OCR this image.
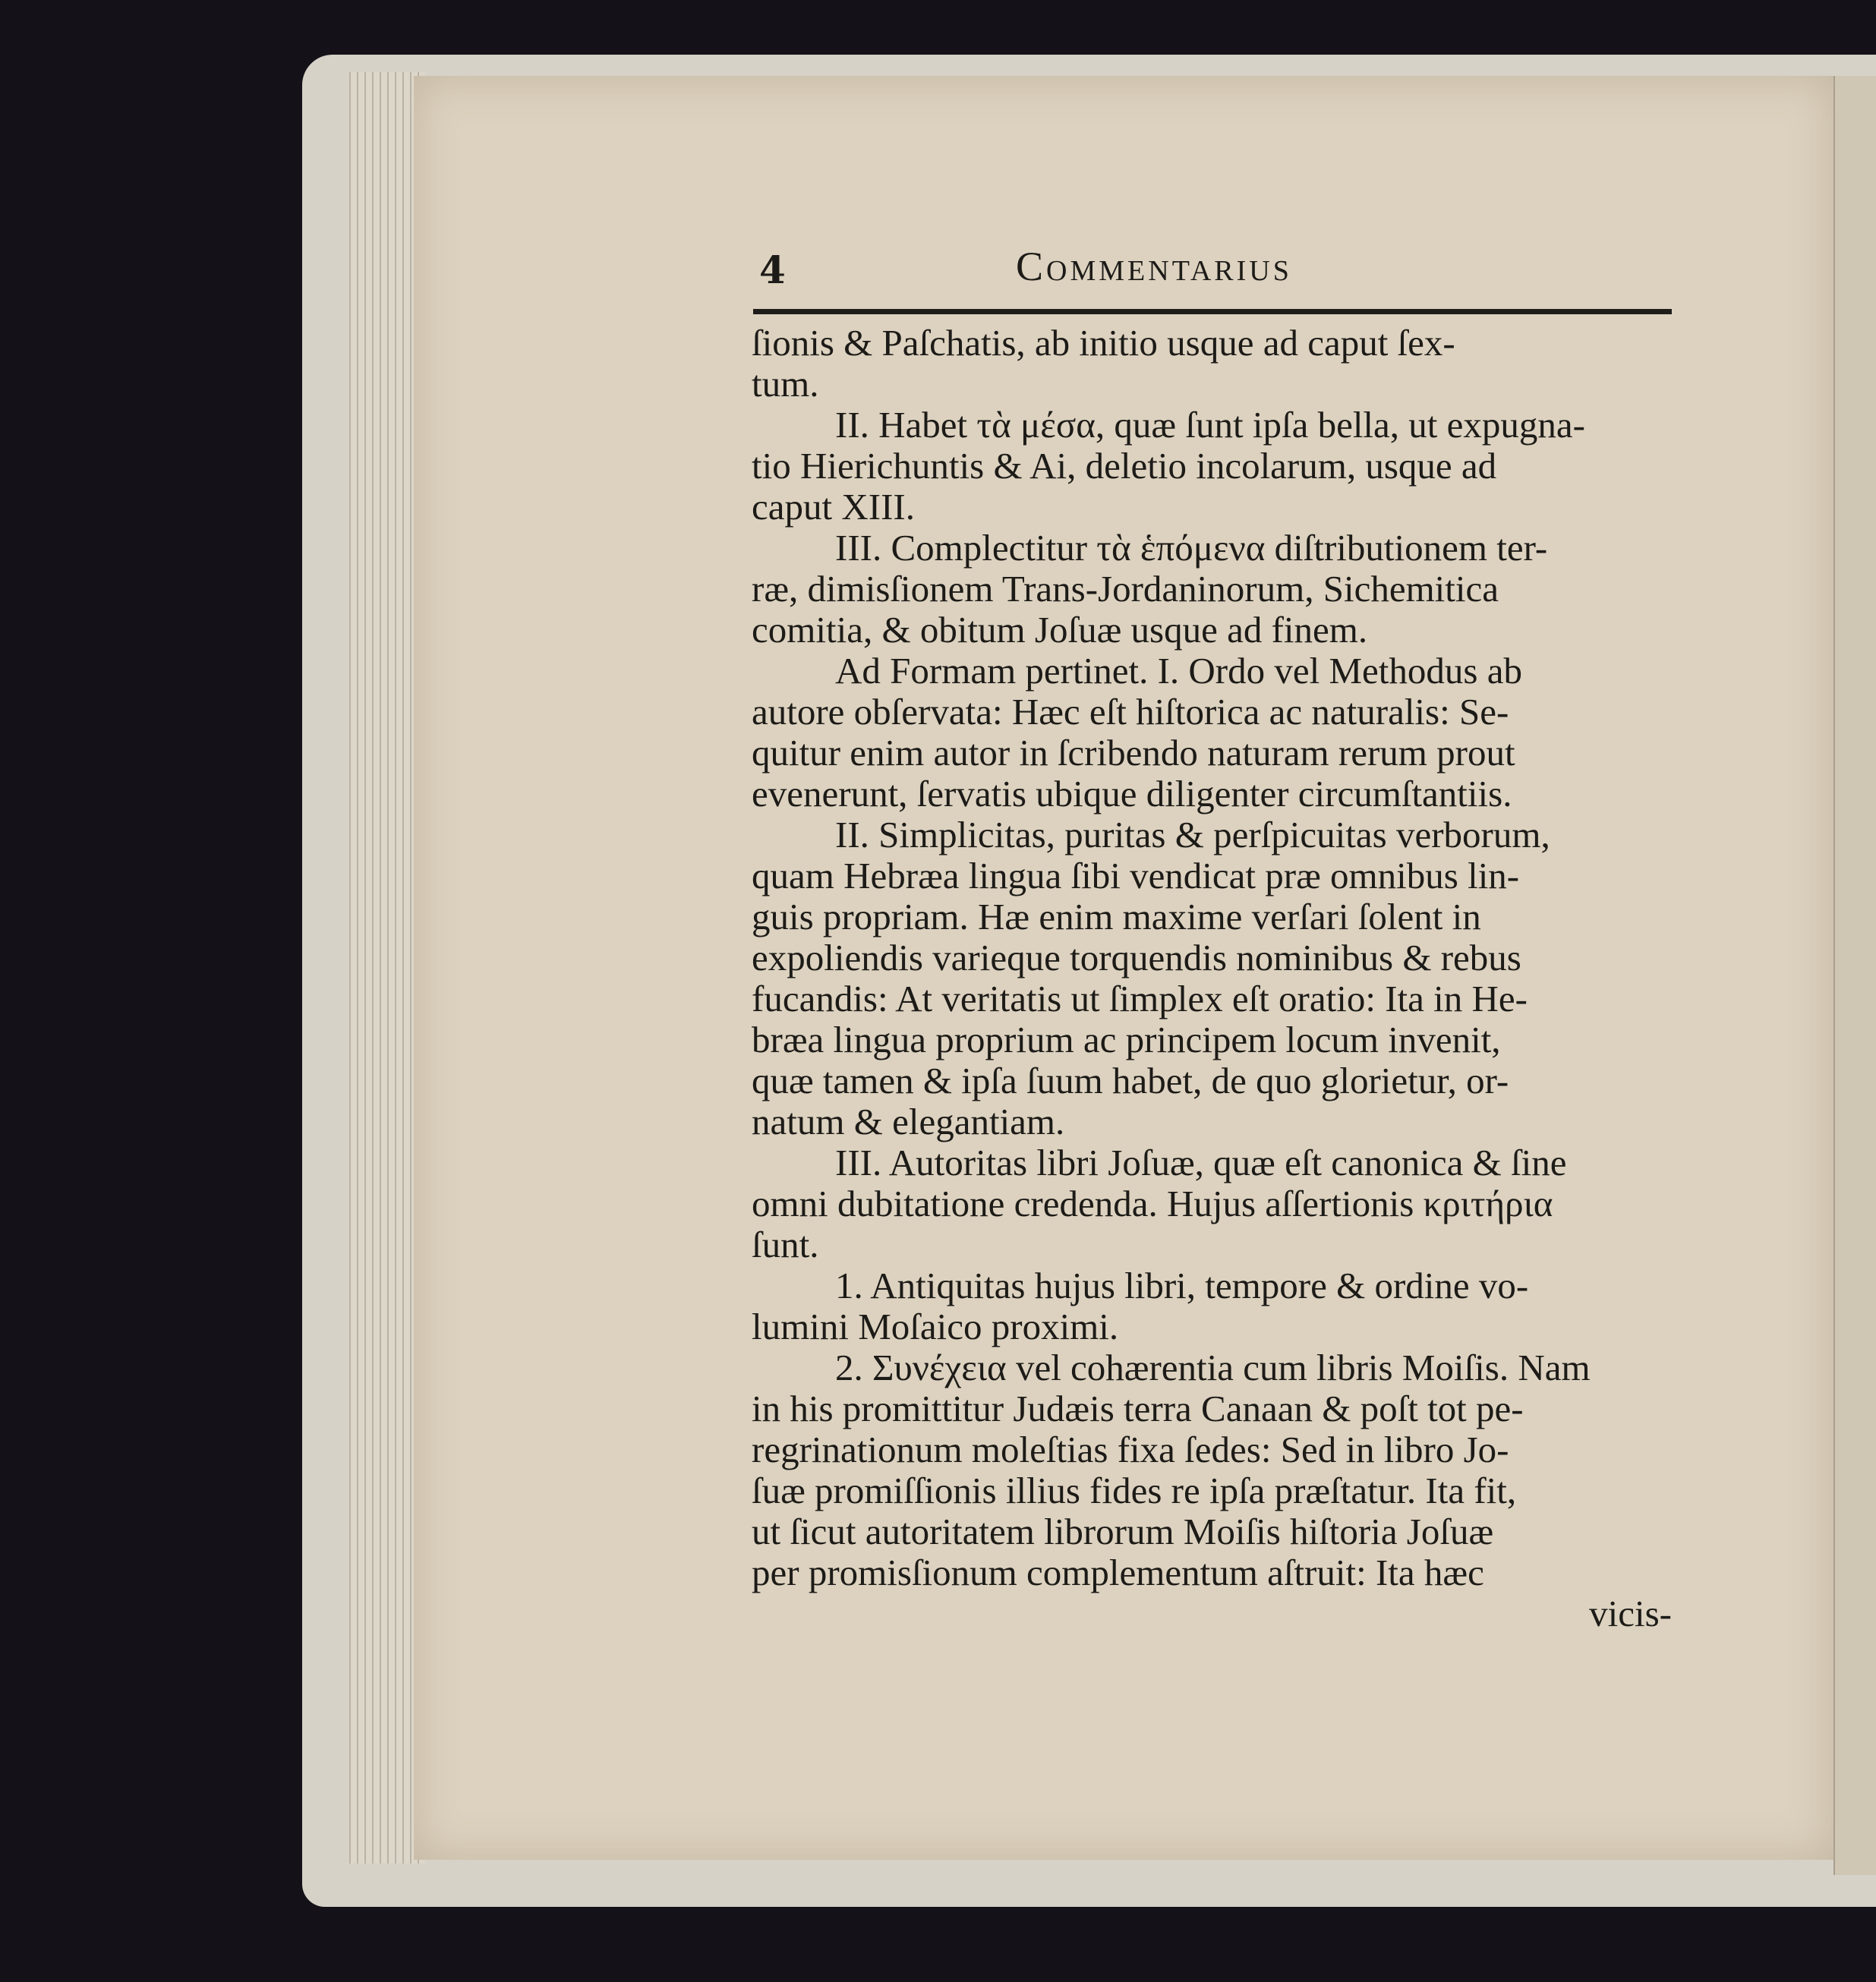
4	Commentarius
ſionis & Paſchatis, ab initio usque ad caput ſex-
tum.
II. Habet τὰ μέσα, quæ ſunt ipſa bella, ut expugna-
tio Hierichuntis & Ai, deletio incolarum, usque ad
caput XIII.
III. Complectitur τὰ ἑπόμενα diſtributionem ter-
ræ, dimisſionem Trans-Jordaninorum, Sichemitica
comitia, & obitum Joſuæ usque ad finem.
Ad Formam pertinet. I. Ordo vel Methodus ab
autore obſervata: Hæc eſt hiſtorica ac naturalis: Se-
quitur enim autor in ſcribendo naturam rerum prout
evenerunt, ſervatis ubique diligenter circumſtantiis.
II. Simplicitas, puritas & perſpicuitas verborum,
quam Hebræa lingua ſibi vendicat præ omnibus lin-
guis propriam. Hæ enim maxime verſari ſolent in
expoliendis varieque torquendis nominibus & rebus
fucandis: At veritatis ut ſimplex eſt oratio: Ita in He-
bræa lingua proprium ac principem locum invenit,
quæ tamen & ipſa ſuum habet, de quo glorietur, or-
natum & elegantiam.
III. Autoritas libri Joſuæ, quæ eſt canonica & ſine
omni dubitatione credenda. Hujus aſſertionis κριτήρια
ſunt.
1. Antiquitas hujus libri, tempore & ordine vo-
lumini Moſaico proximi.
2. Συνέχεια vel cohærentia cum libris Moiſis. Nam
in his promittitur Judæis terra Canaan & poſt tot pe-
regrinationum moleſtias fixa ſedes: Sed in libro Jo-
ſuæ promiſſionis illius fides re ipſa præſtatur. Ita fit,
ut ſicut autoritatem librorum Moiſis hiſtoria Joſuæ
per promisſionum complementum aſtruit: Ita hæc
vicis-
